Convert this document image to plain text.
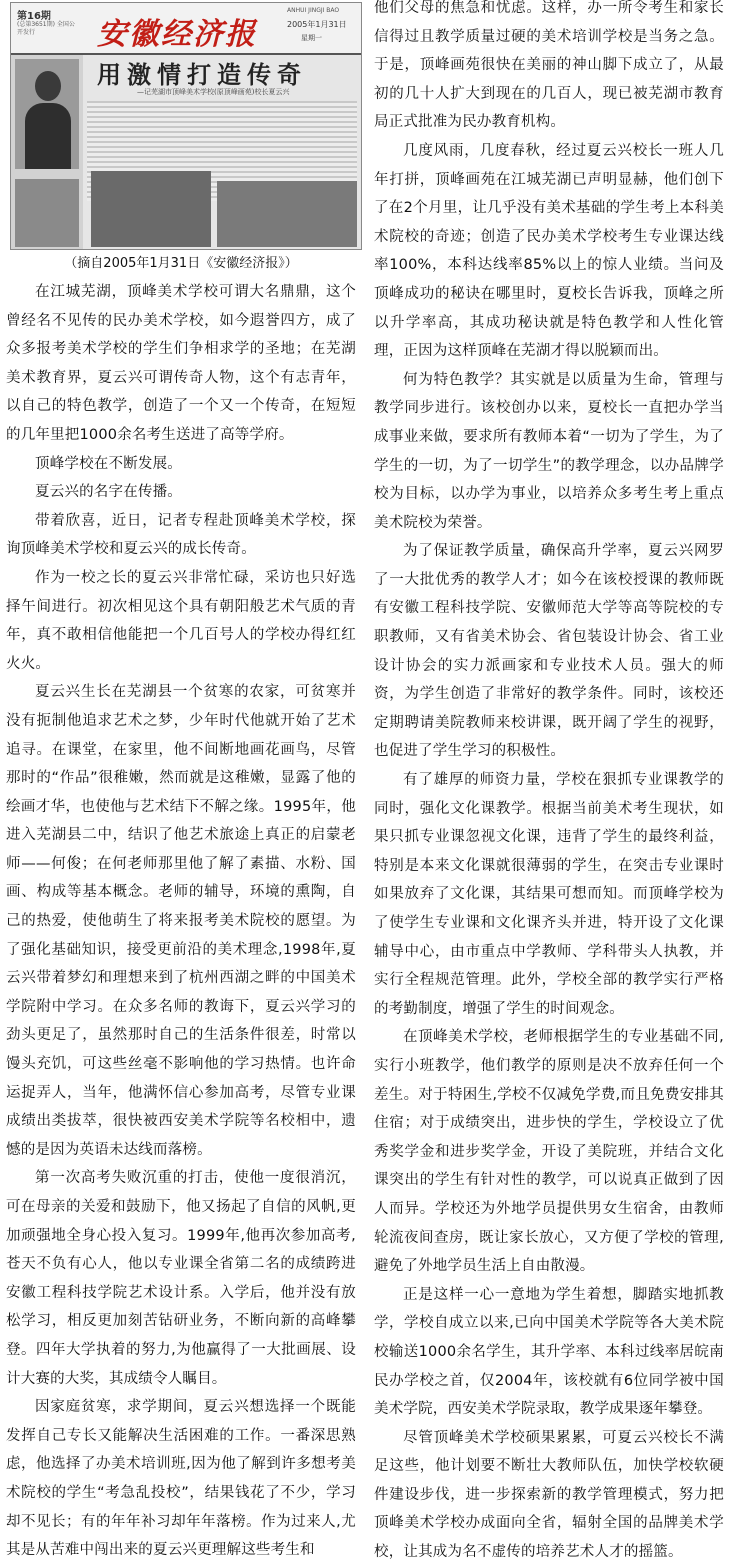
第16期
(总第3651期) 全国公开发行	安徽经济报
ANHUI JINGJI BAO
2005年1月31日
星期一
用激情打造传奇
—记芜湖市顶峰美术学校(原顶峰画苑)校长夏云兴
（摘自2005年1月31日《安徽经济报》）

在江城芜湖，顶峰美术学校可谓大名鼎鼎，这个曾经名不见传的民办美术学校，如今遐誉四方，成了众多报考美术学校的学生们争相求学的圣地；在芜湖美术教育界，夏云兴可谓传奇人物，这个有志青年，以自己的特色教学，创造了一个又一个传奇，在短短的几年里把1000余名考生送进了高等学府。

顶峰学校在不断发展。

夏云兴的名字在传播。

带着欣喜，近日，记者专程赴顶峰美术学校，探询顶峰美术学校和夏云兴的成长传奇。

作为一校之长的夏云兴非常忙碌，采访也只好选择午间进行。初次相见这个具有朝阳般艺术气质的青年，真不敢相信他能把一个几百号人的学校办得红红火火。

夏云兴生长在芜湖县一个贫寒的农家，可贫寒并没有扼制他追求艺术之梦，少年时代他就开始了艺术追寻。在课堂，在家里，他不间断地画花画鸟，尽管那时的“作品”很稚嫩，然而就是这稚嫩，显露了他的绘画才华，也使他与艺术结下不解之缘。1995年，他进入芜湖县二中，结识了他艺术旅途上真正的启蒙老师——何俊；在何老师那里他了解了素描、水粉、国画、构成等基本概念。老师的辅导，环境的熏陶，自己的热爱，使他萌生了将来报考美术院校的愿望。为了强化基础知识，接受更前沿的美术理念,1998年,夏云兴带着梦幻和理想来到了杭州西湖之畔的中国美术学院附中学习。在众多名师的教诲下，夏云兴学习的劲头更足了，虽然那时自己的生活条件很差，时常以馒头充饥，可这些丝毫不影响他的学习热情。也许命运捉弄人，当年，他满怀信心参加高考，尽管专业课成绩出类拔萃，很快被西安美术学院等名校相中，遗憾的是因为英语未达线而落榜。

第一次高考失败沉重的打击，使他一度很消沉，可在母亲的关爱和鼓励下，他又扬起了自信的风帆,更加顽强地全身心投入复习。1999年,他再次参加高考,苍天不负有心人，他以专业课全省第二名的成绩跨进安徽工程科技学院艺术设计系。入学后，他并没有放松学习，相反更加刻苦钻研业务，不断向新的高峰攀登。四年大学执着的努力,为他赢得了一大批画展、设计大赛的大奖，其成绩令人瞩目。

因家庭贫寒，求学期间，夏云兴想选择一个既能发挥自己专长又能解决生活困难的工作。一番深思熟虑，他选择了办美术培训班,因为他了解到许多想考美术院校的学生“考急乱投校”，结果钱花了不少，学习却不见长；有的年年补习却年年落榜。作为过来人,尤其是从苦难中闯出来的夏云兴更理解这些考生和

他们父母的焦急和忧虑。这样，办一所令考生和家长信得过且教学质量过硬的美术培训学校是当务之急。于是，顶峰画苑很快在美丽的神山脚下成立了，从最初的几十人扩大到现在的几百人，现已被芜湖市教育局正式批准为民办教育机构。

几度风雨，几度春秋，经过夏云兴校长一班人几年打拼，顶峰画苑在江城芜湖已声明显赫，他们创下了在2个月里，让几乎没有美术基础的学生考上本科美术院校的奇迹；创造了民办美术学校考生专业课达线率100%，本科达线率85%以上的惊人业绩。当问及顶峰成功的秘诀在哪里时，夏校长告诉我，顶峰之所以升学率高，其成功秘诀就是特色教学和人性化管理，正因为这样顶峰在芜湖才得以脱颖而出。

何为特色教学？其实就是以质量为生命，管理与教学同步进行。该校创办以来，夏校长一直把办学当成事业来做，要求所有教师本着“一切为了学生，为了学生的一切，为了一切学生”的教学理念，以办品牌学校为目标，以办学为事业，以培养众多考生考上重点美术院校为荣誉。

为了保证教学质量，确保高升学率，夏云兴网罗了一大批优秀的教学人才；如今在该校授课的教师既有安徽工程科技学院、安徽师范大学等高等院校的专职教师，又有省美术协会、省包装设计协会、省工业设计协会的实力派画家和专业技术人员。强大的师资，为学生创造了非常好的教学条件。同时，该校还定期聘请美院教师来校讲课，既开阔了学生的视野，也促进了学生学习的积极性。

有了雄厚的师资力量，学校在狠抓专业课教学的同时，强化文化课教学。根据当前美术考生现状，如果只抓专业课忽视文化课，违背了学生的最终利益，特别是本来文化课就很薄弱的学生，在突击专业课时如果放弃了文化课，其结果可想而知。而顶峰学校为了使学生专业课和文化课齐头并进，特开设了文化课辅导中心，由市重点中学教师、学科带头人执教，并实行全程规范管理。此外，学校全部的教学实行严格的考勤制度，增强了学生的时间观念。

在顶峰美术学校，老师根据学生的专业基础不同,实行小班教学，他们教学的原则是决不放弃任何一个差生。对于特困生,学校不仅减免学费,而且免费安排其住宿；对于成绩突出，进步快的学生，学校设立了优秀奖学金和进步奖学金，开设了美院班，并结合文化课突出的学生有针对性的教学，可以说真正做到了因人而异。学校还为外地学员提供男女生宿舍，由教师轮流夜间查房，既让家长放心，又方便了学校的管理,避免了外地学员生活上自由散漫。

正是这样一心一意地为学生着想，脚踏实地抓教学，学校自成立以来,已向中国美术学院等各大美术院校输送1000余名学生，其升学率、本科过线率居皖南民办学校之首，仅2004年，该校就有6位同学被中国美术学院，西安美术学院录取，教学成果逐年攀登。

尽管顶峰美术学校硕果累累，可夏云兴校长不满足这些，他计划要不断壮大教师队伍，加快学校软硬件建设步伐，进一步探索新的教学管理模式，努力把顶峰美术学校办成面向全省，辐射全国的品牌美术学校，让其成为名不虚传的培养艺术人才的摇篮。
